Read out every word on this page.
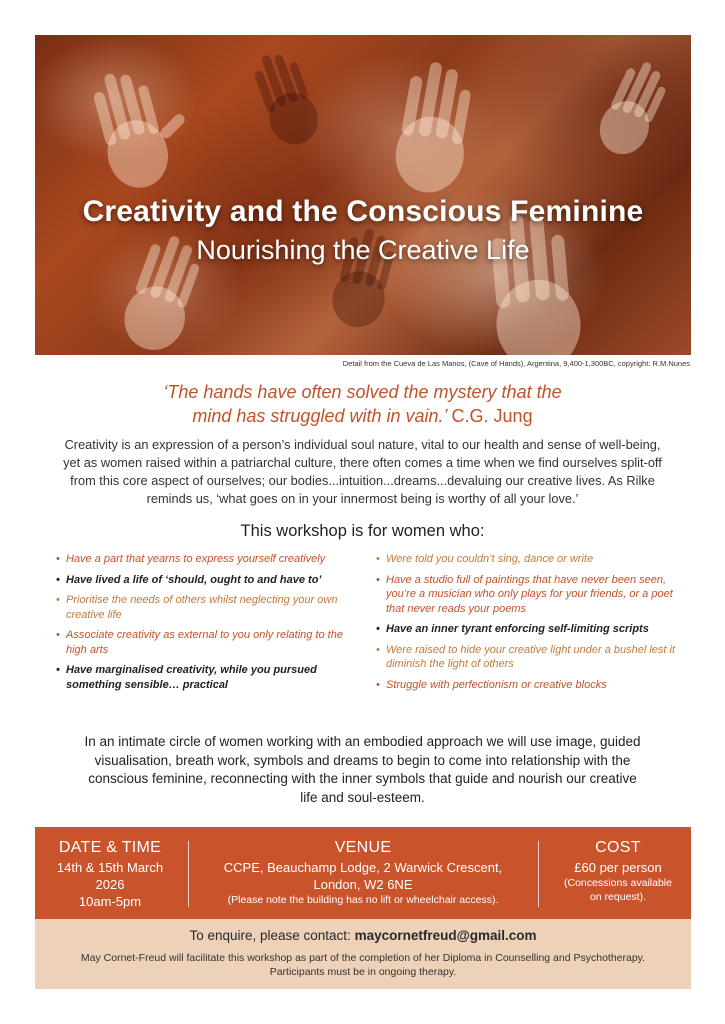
Creativity and the Conscious Feminine
Nourishing the Creative Life
Detail from the Cueva de Las Manos, (Cave of Hands), Argentina, 9,400-1,300BC, copyright: R.M.Nunes
‘The hands have often solved the mystery that the
mind has struggled with in vain.’ C.G. Jung
Creativity is an expression of a person’s individual soul nature, vital to our health and sense of well-being, yet as women raised within a patriarchal culture, there often comes a time when we find ourselves split-off from this core aspect of ourselves; our bodies...intuition...dreams...devaluing our creative lives. As Rilke reminds us, ‘what goes on in your innermost being is worthy of all your love.’
This workshop is for women who:
• Have a part that yearns to express yourself creatively
• Have lived a life of ‘should, ought to and have to’
• Prioritise the needs of others whilst neglecting your own creative life
• Associate creativity as external to you only relating to the high arts
• Have marginalised creativity, while you pursued something sensible… practical
• Were told you couldn’t sing, dance or write
• Have a studio full of paintings that have never been seen, you’re a musician who only plays for your friends, or a poet that never reads your poems
• Have an inner tyrant enforcing self-limiting scripts
• Were raised to hide your creative light under a bushel lest it diminish the light of others
• Struggle with perfectionism or creative blocks
In an intimate circle of women working with an embodied approach we will use image, guided visualisation, breath work, symbols and dreams to begin to come into relationship with the conscious feminine, reconnecting with the inner symbols that guide and nourish our creative life and soul-esteem.
DATE & TIME
14th & 15th March
2026
10am-5pm
VENUE
CCPE, Beauchamp Lodge, 2 Warwick Crescent,
London, W2 6NE
(Please note the building has no lift or wheelchair access).
COST
£60 per person
(Concessions available
on request).
To enquire, please contact: maycornetfreud@gmail.com
May Cornet-Freud will facilitate this workshop as part of the completion of her Diploma in Counselling and Psychotherapy. Participants must be in ongoing therapy.
